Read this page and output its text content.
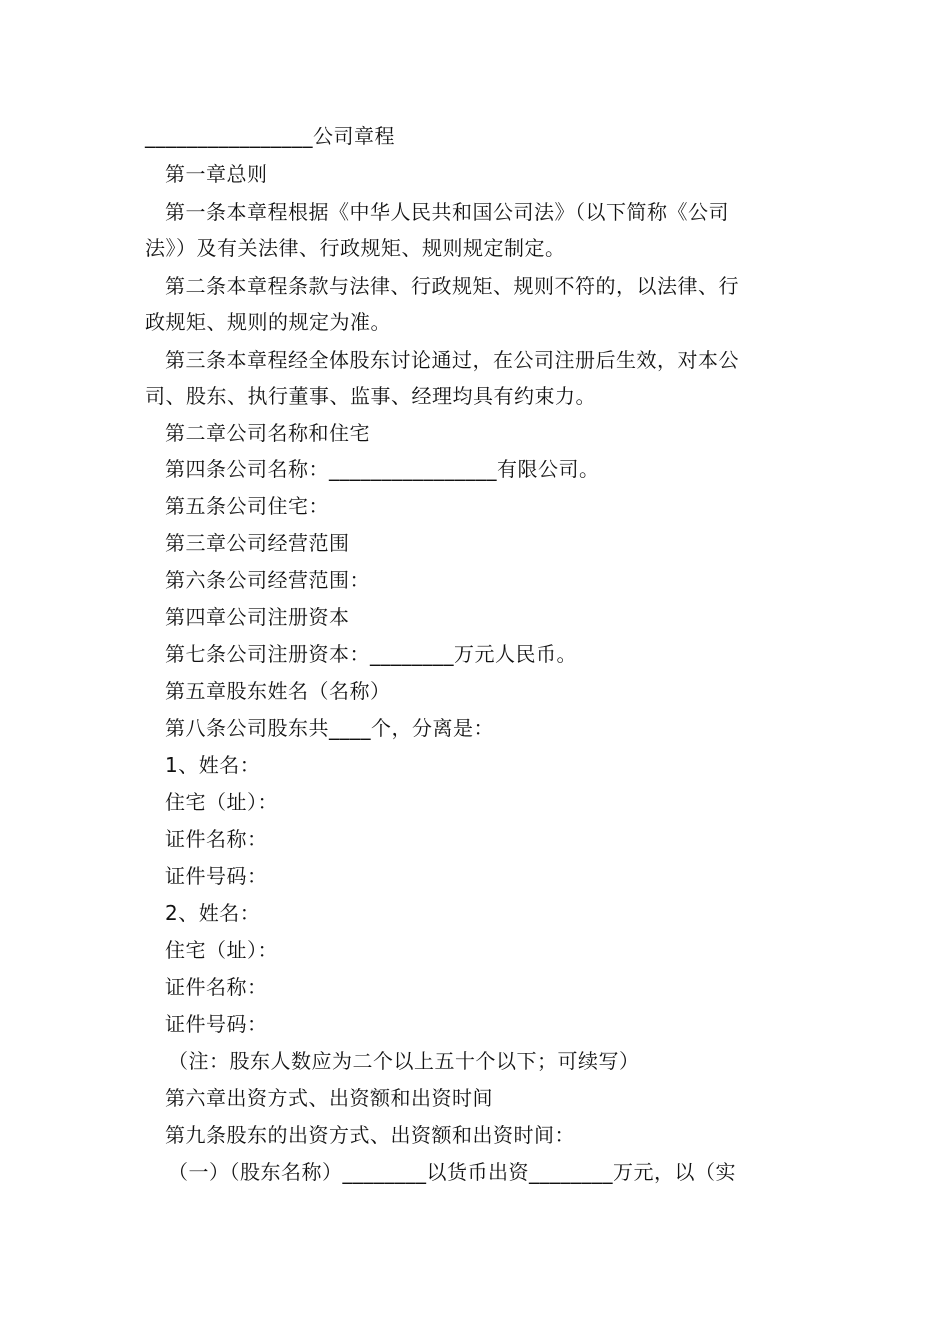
________________公司章程
第一章总则
第一条本章程根据《中华人民共和国公司法》（以下简称《公司
法》）及有关法律、行政规矩、规则规定制定。
第二条本章程条款与法律、行政规矩、规则不符的，以法律、行
政规矩、规则的规定为准。
第三条本章程经全体股东讨论通过，在公司注册后生效，对本公
司、股东、执行董事、监事、经理均具有约束力。
第二章公司名称和住宅
第四条公司名称：________________有限公司。
第五条公司住宅：
第三章公司经营范围
第六条公司经营范围：
第四章公司注册资本
第七条公司注册资本：________万元人民币。
第五章股东姓名（名称）
第八条公司股东共____个，分离是：
1、姓名：
住宅（址）：
证件名称：
证件号码：
2、姓名：
住宅（址）：
证件名称：
证件号码：
（注：股东人数应为二个以上五十个以下；可续写）
第六章出资方式、出资额和出资时间
第九条股东的出资方式、出资额和出资时间：
（一）（股东名称）________以货币出资________万元，以（实
